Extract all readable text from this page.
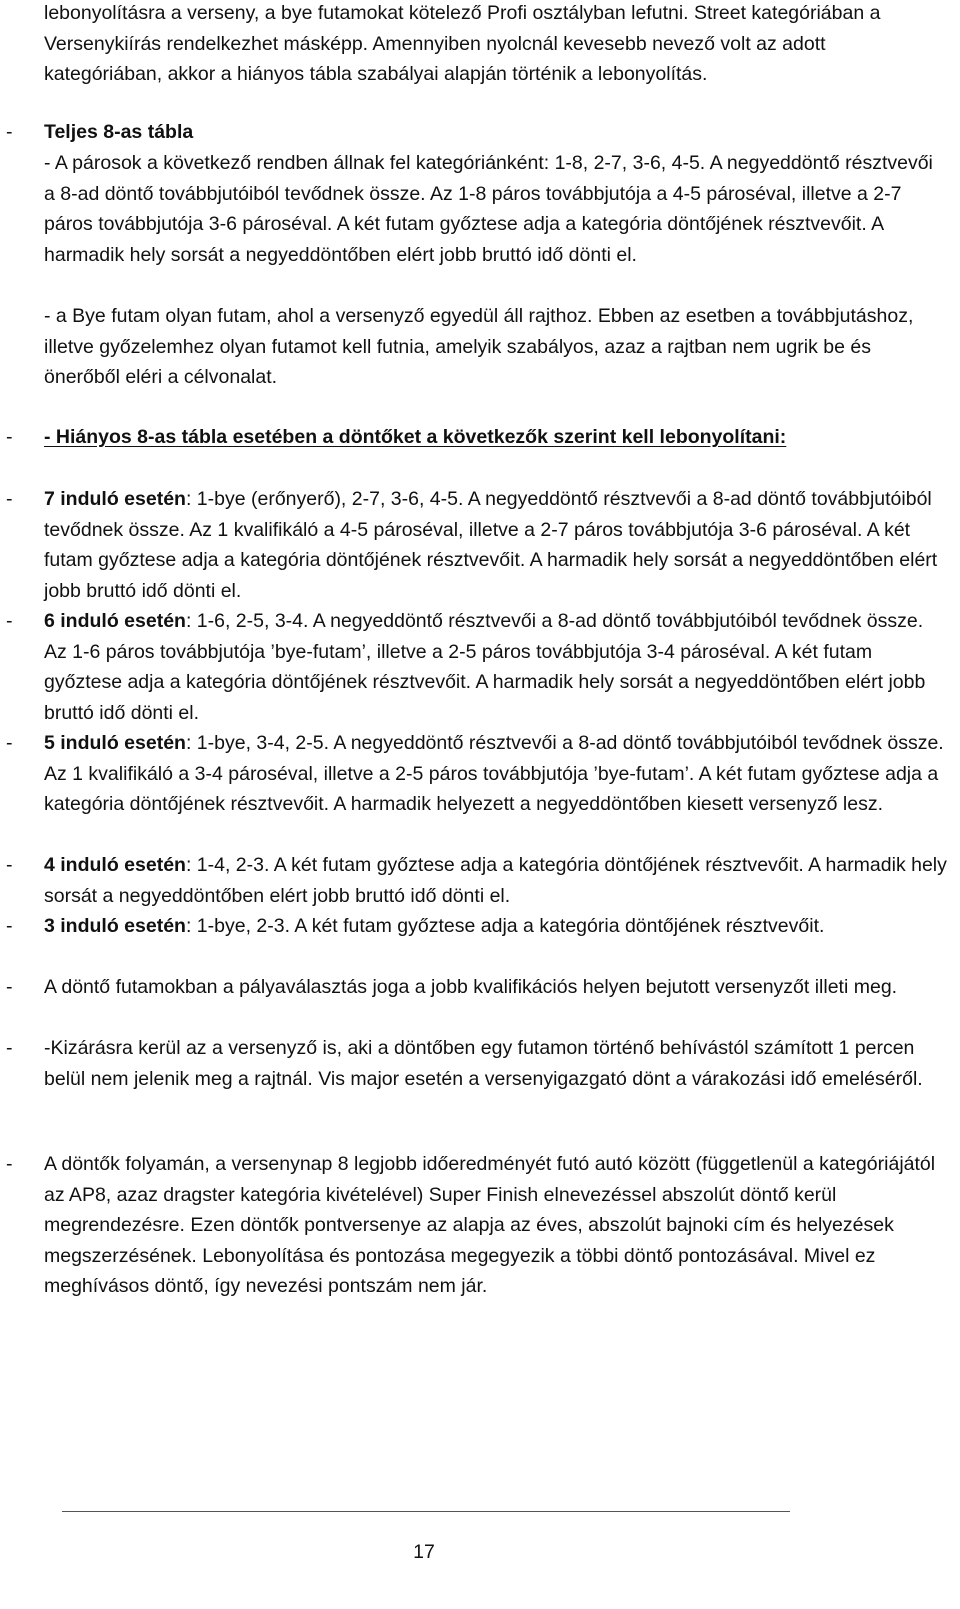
lebonyolításra a verseny, a bye futamokat kötelező Profi osztályban lefutni. Street kategóriában a Versenykiírás rendelkezhet másképp. Amennyiben nyolcnál kevesebb nevező volt az adott kategóriában, akkor a hiányos tábla szabályai alapján történik a lebonyolítás.
- Teljes 8-as tábla
- A párosok a következő rendben állnak fel kategóriánként: 1-8, 2-7, 3-6, 4-5. A negyeddöntő résztvevői a 8-ad döntő továbbjutóiból tevődnek össze. Az 1-8 páros továbbjutója a 4-5 pároséval, illetve a 2-7 páros továbbjutója 3-6 pároséval. A két futam győztese adja a kategória döntőjének résztvevőit. A harmadik hely sorsát a negyeddöntőben elért jobb bruttó idő dönti el.
- a Bye futam olyan futam, ahol a versenyző egyedül áll rajthoz. Ebben az esetben a továbbjutáshoz, illetve győzelemhez olyan futamot kell futnia, amelyik szabályos, azaz a rajtban nem ugrik be és önerőből eléri a célvonalat.
- - Hiányos 8-as tábla esetében a döntőket a következők szerint kell lebonyolítani:
- 7 induló esetén: 1-bye (erőnyerő), 2-7, 3-6, 4-5. A negyeddöntő résztvevői a 8-ad döntő továbbjutóiból tevődnek össze. Az 1 kvalifikáló a 4-5 pároséval, illetve a 2-7 páros továbbjutója 3-6 pároséval. A két futam győztese adja a kategória döntőjének résztvevőit. A harmadik hely sorsát a negyeddöntőben elért jobb bruttó idő dönti el.
- 6 induló esetén: 1-6, 2-5, 3-4. A negyeddöntő résztvevői a 8-ad döntő továbbjutóiból tevődnek össze. Az 1-6 páros továbbjutója ’bye-futam’, illetve a 2-5 páros továbbjutója 3-4 pároséval. A két futam győztese adja a kategória döntőjének résztvevőit. A harmadik hely sorsát a negyeddöntőben elért jobb bruttó idő dönti el.
- 5 induló esetén: 1-bye, 3-4, 2-5. A negyeddöntő résztvevői a 8-ad döntő továbbjutóiból tevődnek össze. Az 1 kvalifikáló a 3-4 pároséval, illetve a 2-5 páros továbbjutója ’bye-futam’. A két futam győztese adja a kategória döntőjének résztvevőit. A harmadik helyezett a negyeddöntőben kiesett versenyző lesz.
- 4 induló esetén: 1-4, 2-3. A két futam győztese adja a kategória döntőjének résztvevőit. A harmadik hely sorsát a negyeddöntőben elért jobb bruttó idő dönti el.
- 3 induló esetén: 1-bye, 2-3. A két futam győztese adja a kategória döntőjének résztvevőit.
- A döntő futamokban a pályaválasztás joga a jobb kvalifikációs helyen bejutott versenyzőt illeti meg.
- -Kizárásra kerül az a versenyző is, aki a döntőben egy futamon történő behívástól számított 1 percen belül nem jelenik meg a rajtnál. Vis major esetén a versenyigazgató dönt a várakozási idő emeléséről.
- A döntők folyamán, a versenynap 8 legjobb időeredményét futó autó között (függetlenül a kategóriájától az AP8, azaz dragster kategória kivételével) Super Finish elnevezéssel abszolút döntő kerül megrendezésre. Ezen döntők pontversenye az alapja az éves, abszolút bajnoki cím és helyezések megszerzésének. Lebonyolítása és pontozása megegyezik a többi döntő pontozásával. Mivel ez meghívásos döntő, így nevezési pontszám nem jár.
17
